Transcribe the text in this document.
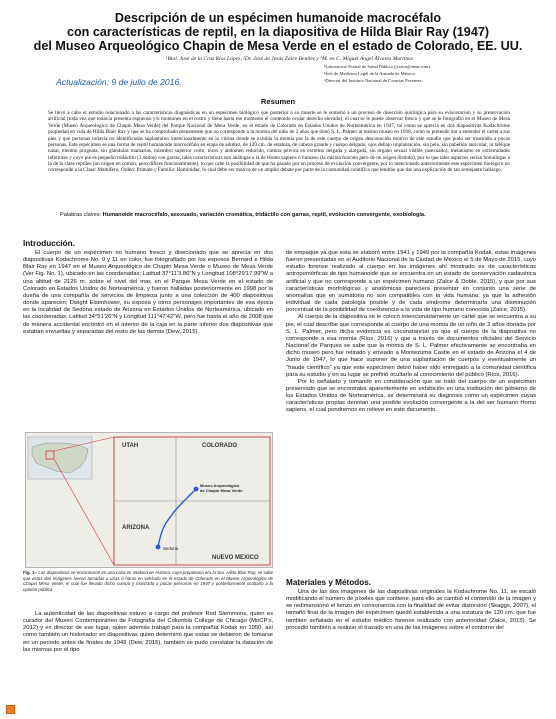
Descripción de un espécimen humanoide macrocéfalo
con características de reptil, en la diapositiva de Hilda Blair Ray (1947)
del Museo Arqueológico Chapin de Mesa Verde en el estado de Colorado, EE. UU.
¹Biol. José de la Cruz Ríos López, ²Dr. José de Jesús Zalce Benítez y ³M. en C. Miguel Ángel Álvarez Martínez.
¹Laboratorio Estatal de Salud Pública (jcsrios@msn.com).
²Jefe de Medicina Legal de la Armada de México.
³Director del Instituto Nacional de Ciencias Forenses.
Actualización: 9 de julio de 2016.
Resumen
Se llevó a cabo el estudio relacionado a las características diagnósticas en un espécimen biológico que posterior a su muerte se le sometió a un proceso de disección quirúrgica para su evisceración y su preservación artificial (toda vez que todavía presenta espuenso y/o montones en el rostro y tiene hasta ese momento el contenido ocular derecho elevado), el cual se le puede observar fresco y que se le fotografió en el Museo de Mesa Verde (Museo Arqueológico de Chapin Mesa Verde) del Parque Nacional de Mesa Verde, en el estado de Colorado en Estados Unidos de Norteamérica en 1947, tal como se aprecia en dos diapositivas Kodachrome propiedad en vida de Hilda Blair Ray y que se ha comprobado plenamente que no corresponde a la momia del niño de 2 años que donó S. L. Palmer al mismo museo en 1938, como lo pretende dar a entender el cartel a sus pies y que personas todavía no identificadas suplantaron intencionalmente en la vitrina donde se exhibía la momia por la de este cuerpo de origen desconocido motivo de este estudio que pudo ser mostrado a pocas personas. Este espécimen es una forma de reptil humanoide macrocéfalo en etapa de adultez, de 120 cm. de estatura, de cabeza grande y cuerpo delgado, ojos debajo implantación, sin pelo, sin pabellón auricular, ni tabique nasal, mentón prognata, sin glándulas mamarias, miembro superior corto, tórax y abdomen reducido, cintura pélvica en extremo delgada y alargada, sin órgano sexual visible (asexuado), melanismo en extremidades inferiores y cuyo pie es pequeño tridáctilo (3 dedos) con garras, tales características son análogas a la de Homo sapiens o humano (la misma función pero de un origen distinto), por lo que tales aspectos serían homólogas a la de la clase reptiles (un origen en común, pero difiere funcionalmente), lo que cabe la posibilidad de que ha pasado por un proceso de evolución convergente, por lo mencionado anteriormente este espécimen biológico no corresponde a la Clase: Mamífero, Orden: Primate y Familia: Hominidae, lo cual debe ser motivo de un amplio debate por parte de la comunidad científica que tendrán que dar una explicación de tan semejante hallazgo.
Palabras claves: Humanoide macrocéfalo, asexuado, variación cromática, tridáctilo con garras, reptil, evolución convergente, exobiología.
Introducción.

El cuerpo de un espécimen no humano fresco y disecionado que se aprecia en dos diapositivas Kodachrome No. 9 y 11 en color, fue fotografiado por los esposos Bernard e Hilda Blair Ray en 1947 en el Museo Arqueológico de Chapin Mesa Verde o Museo de Mesa Verde (Ver Fig. No. 1), ubicado en las coordenadas; Latitud 37°11'3.86"N y Longitud 108°29'17.99"W a una altitud de 2126 m. sobre el nivel del mar, en el Parque Mesa Verde en el estado de Colorado en Estados Unidos de Norteamérica, y fueron halladas posteriormente en 1998 por la dueña de una compañía de servicios de limpieza junto a una colección de 400 diapositivas donde aparecen; Dwight Eisenhower, su esposa y otros personajes importantes de esa época en la localidad de Sedona estado de Arizona en Estados Unidos de Norteamérica, ubicado en las coordenadas; Latitud 34°51'26"N y Longitud 111°47'42"W, pero fue hasta el año de 2008 que de manera accidental encontró en el interior de la caja en la parte inferior dos diapositivas que estaban envueltas y separadas del resto de las demás (Dew, 2015).

UTAH	COLORADO
ARIZONA
NUEVO MEXICO
Museo Arqueológico
de Chapin Mesa Verde
Sedona
Fig. 1.- Las diapositivas se encontraron en una casa en Sedona en Arizona, cuya propietaria era la Sra. Hilda Blair Ray, se sabe que estas dos imágenes fueron tomadas a unas 6 horas en vehículo en el estado de Colorado en el Museo Arqueológico de Chapin Mesa Verde, el cual fue llevado dicho cuerpo y mostrado a pocas personas en 1947 y posteriormente ocultarlo a la opinión pública.

La autenticidad de las diapositivas estuvo a cargo del profesor Rod Slemmons, quien es curador del Museo Contemporáneo de Fotografía del Columbia College de Chicago (MoCP's, 2012) y ex director de ese lugar, quien además trabajó para la compañía Kodak en 1950, así como también un historiador en diapositivas quien determinó que estas se debieron de tomarse en un periodo antes de finales de 1949 (Dew, 2015), también se pudo constatar la datación de las mismas por el tipo

de empaque ya que esta se elaboró entre 1941 y 1949 por la compañía Kodak, estas imágenes fueron presentadas en el Auditorio Nacional de la Ciudad de México el 5 de Mayo de 2015, cuyo estudio forense realizado al cuerpo en las imágenes ahí mostrado es de características antropomórficas de tipo humanoide que se encuentra en un estado de conservación cadavérica artificial y que no corresponde a un espécimen humano (Zalce & Doble, 2015), y que por sus características morfológicas y anatómicas pareciera presentar en conjunto una serie de anomalías que en sumatoria no son compatibles con la vida humana, ya que la adhesión individual de cada patología posible y de cada síndrome determinaría una disminución porcentual de la posibilidad de coexistencia a la vida de tipo humano conocida (Zalce, 2015).

Al cuerpo de la diapositiva se le colocó intencionadamente un cartel que se encuentra a su pie, el cual describe que corresponde al cuerpo de una momia de un niño de 2 años donada por S. L. Palmer, pero dicha evidencia es circunstancial ya que el cuerpo de la diapositiva no corresponde a esa momia (Ríos, 2016) y que a través de documentos oficiales del Servicio Nacional de Parques se sabe que la momia de S. L. Palmer efectivamente se encontraba en dicho museo pero fue retirado y enviado a Montezuma Castle en el estado de Arizona el 4 de Junio de 1947, lo que hace suponer de una suplantación de cuerpos y eventualmente un "fraude científico" ya que este espécimen debió haber sido entregado a la comunidad científica para su estudio y en su lugar se prefirió ocultarlo al conocimiento del público (Ríos, 2016).

Por lo señalado y tomando en consideración que se trató del cuerpo de un espécimen preservado que se encontraba aparentemente en exhibición en una institución del gobierno de los Estados Unidos de Norteamérica, se determinará su diagnosis como un espécimen cuyas características propias denotan una posible evolución convergente a la del ser humano Homo sapiens, el cual pondremos en relieve en este documento.

Materiales y Métodos.

Una de las dos imágenes de las diapositivas originales la Kodachrome No. 11, se escaló modificando el número de píxeles que contiene, para ello se cambió el contenido de la imagen y se redimensionó el lienzo en consonancia con la finalidad de evitar distorsión (Skaggs, 2007), el tamaño final de la imagen del espécimen quedó establecida a una estatura de 120 cm. que fue también señalado en el estudio médico forense realizado con anterioridad (Zalce, 2015). Se procedió también a realizar el trazado en una de las imágenes sobre el contorno del
